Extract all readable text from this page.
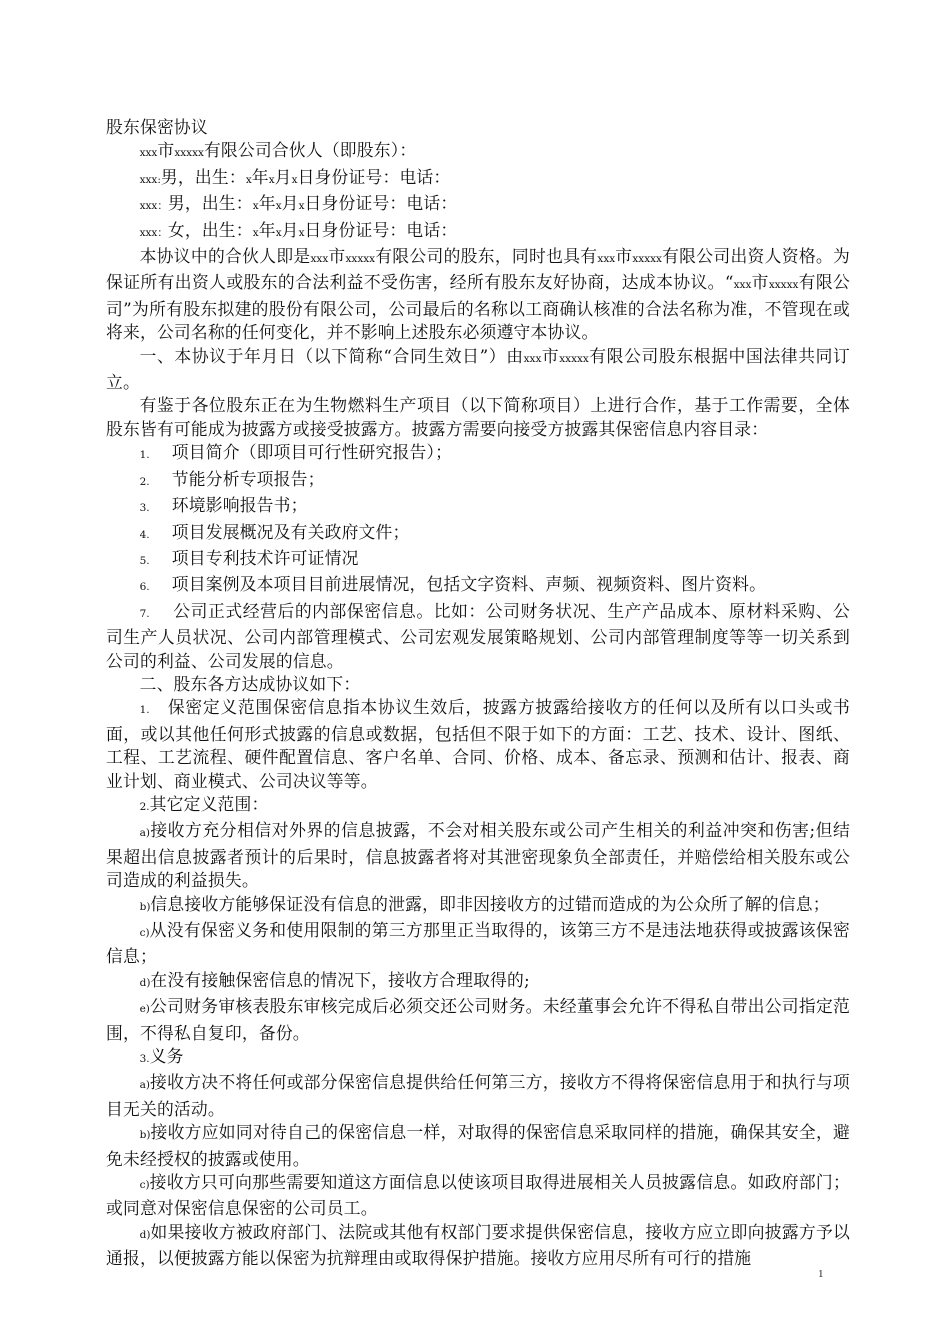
股东保密协议

xxx市xxxxx有限公司合伙人（即股东）：

xxx:男，出生：x年x月x日身份证号：电话：

xxx：男，出生：x年x月x日身份证号：电话：

xxx：女，出生：x年x月x日身份证号：电话：

本协议中的合伙人即是xxx市xxxxx有限公司的股东，同时也具有xxx市xxxxx有限公司出资人资格。为保证所有出资人或股东的合法利益不受伤害，经所有股东友好协商，达成本协议。“xxx市xxxxx有限公司”为所有股东拟建的股份有限公司，公司最后的名称以工商确认核准的合法名称为准，不管现在或将来，公司名称的任何变化，并不影响上述股东必须遵守本协议。

一、本协议于年月日（以下简称“合同生效日”）由xxx市xxxxx有限公司股东根据中国法律共同订立。

有鉴于各位股东正在为生物燃料生产项目（以下简称项目）上进行合作，基于工作需要，全体股东皆有可能成为披露方或接受披露方。披露方需要向接受方披露其保密信息内容目录：

1. 项目简介（即项目可行性研究报告）；

2. 节能分析专项报告；

3. 环境影响报告书；

4. 项目发展概况及有关政府文件；

5. 项目专利技术许可证情况

6. 项目案例及本项目目前进展情况，包括文字资料、声频、视频资料、图片资料。

7. 公司正式经营后的内部保密信息。比如：公司财务状况、生产产品成本、原材料采购、公司生产人员状况、公司内部管理模式、公司宏观发展策略规划、公司内部管理制度等等一切关系到公司的利益、公司发展的信息。

二、股东各方达成协议如下：

1. 保密定义范围保密信息指本协议生效后，披露方披露给接收方的任何以及所有以口头或书面，或以其他任何形式披露的信息或数据，包括但不限于如下的方面：工艺、技术、设计、图纸、工程、工艺流程、硬件配置信息、客户名单、合同、价格、成本、备忘录、预测和估计、报表、商业计划、商业模式、公司决议等等。

2.其它定义范围：

a)接收方充分相信对外界的信息披露，不会对相关股东或公司产生相关的利益冲突和伤害;但结果超出信息披露者预计的后果时，信息披露者将对其泄密现象负全部责任，并赔偿给相关股东或公司造成的利益损失。

b)信息接收方能够保证没有信息的泄露，即非因接收方的过错而造成的为公众所了解的信息；

c)从没有保密义务和使用限制的第三方那里正当取得的，该第三方不是违法地获得或披露该保密信息；

d)在没有接触保密信息的情况下，接收方合理取得的;

e)公司财务审核表股东审核完成后必须交还公司财务。未经董事会允许不得私自带出公司指定范围，不得私自复印，备份。

3.义务

a)接收方决不将任何或部分保密信息提供给任何第三方，接收方不得将保密信息用于和执行与项目无关的活动。

b)接收方应如同对待自己的保密信息一样，对取得的保密信息采取同样的措施，确保其安全，避免未经授权的披露或使用。

c)接收方只可向那些需要知道这方面信息以使该项目取得进展相关人员披露信息。如政府部门；或同意对保密信息保密的公司员工。

d)如果接收方被政府部门、法院或其他有权部门要求提供保密信息，接收方应立即向披露方予以通报，以便披露方能以保密为抗辩理由或取得保护措施。接收方应用尽所有可行的措施

1
